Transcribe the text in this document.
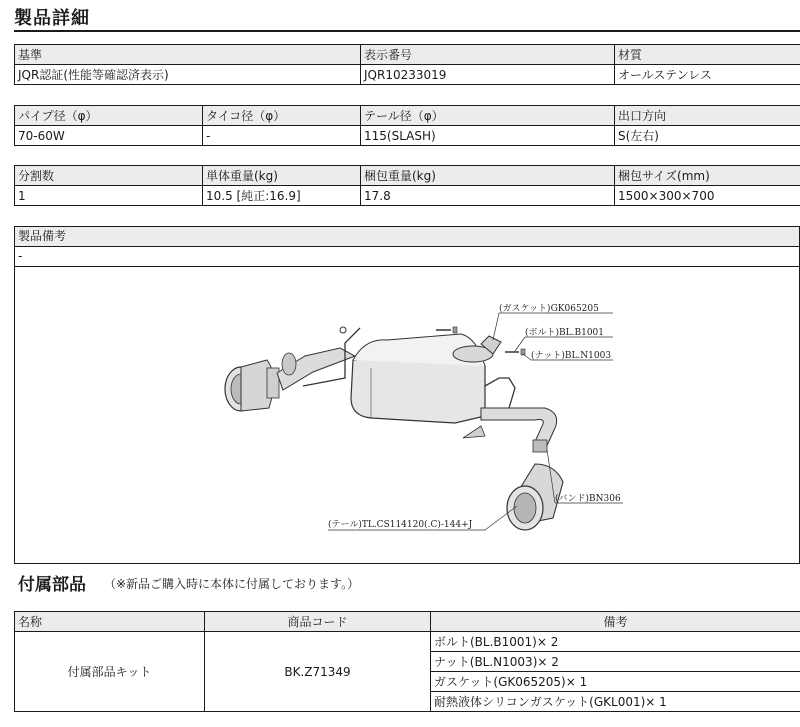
製品詳細
基準	表示番号	材質
JQR認証(性能等確認済表示)	JQR10233019	オールステンレス
パイプ径（φ）	タイコ径（φ）	テール径（φ）	出口方向
70-60W	-	115(SLASH)	S(左右)
分割数	単体重量(kg)	梱包重量(kg)	梱包サイズ(mm)
1	10.5 [純正:16.9]	17.8	1500×300×700
製品備考
-
(ガスケット)GK065205
(ボルト)BL.B1001
(ナット)BL.N1003
(バンド)BN306
(テール)TL.CS114120(.C)-144+J
付属部品 （※新品ご購入時に本体に付属しております。）
名称	商品コード	備考
付属部品キット	BK.Z71349	ボルト(BL.B1001)× 2
		ナット(BL.N1003)× 2
		ガスケット(GK065205)× 1
		耐熱液体シリコンガスケット(GKL001)× 1
